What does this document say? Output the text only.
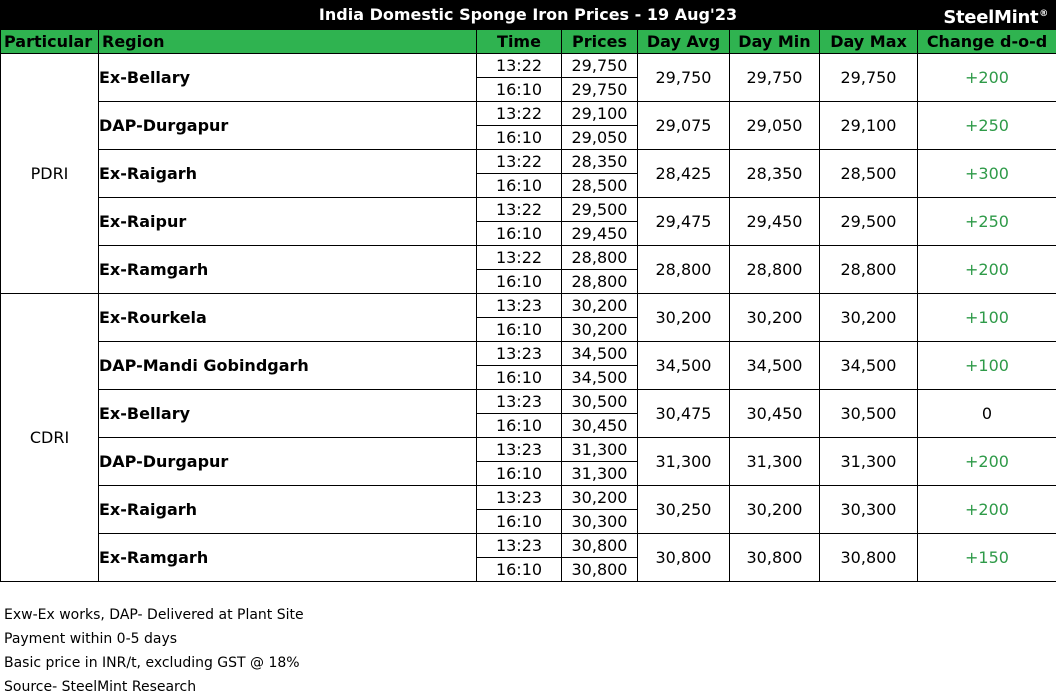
India Domestic Sponge Iron Prices - 19 Aug'23	SteelMint®
Particular	Region	Time	Prices	Day Avg	Day Min	Day Max	Change d-o-d
PDRI	Ex-Bellary	13:22	29,750	29,750	29,750	29,750	+200
		16:10	29,750				
	DAP-Durgapur	13:22	29,100	29,075	29,050	29,100	+250
		16:10	29,050				
	Ex-Raigarh	13:22	28,350	28,425	28,350	28,500	+300
		16:10	28,500				
	Ex-Raipur	13:22	29,500	29,475	29,450	29,500	+250
		16:10	29,450				
	Ex-Ramgarh	13:22	28,800	28,800	28,800	28,800	+200
		16:10	28,800				
CDRI	Ex-Rourkela	13:23	30,200	30,200	30,200	30,200	+100
		16:10	30,200				
	DAP-Mandi Gobindgarh	13:23	34,500	34,500	34,500	34,500	+100
		16:10	34,500				
	Ex-Bellary	13:23	30,500	30,475	30,450	30,500	0
		16:10	30,450				
	DAP-Durgapur	13:23	31,300	31,300	31,300	31,300	+200
		16:10	31,300				
	Ex-Raigarh	13:23	30,200	30,250	30,200	30,300	+200
		16:10	30,300				
	Ex-Ramgarh	13:23	30,800	30,800	30,800	30,800	+150
		16:10	30,800				
Exw-Ex works, DAP- Delivered at Plant Site
Payment within 0-5 days
Basic price in INR/t, excluding GST @ 18%
Source- SteelMint Research
